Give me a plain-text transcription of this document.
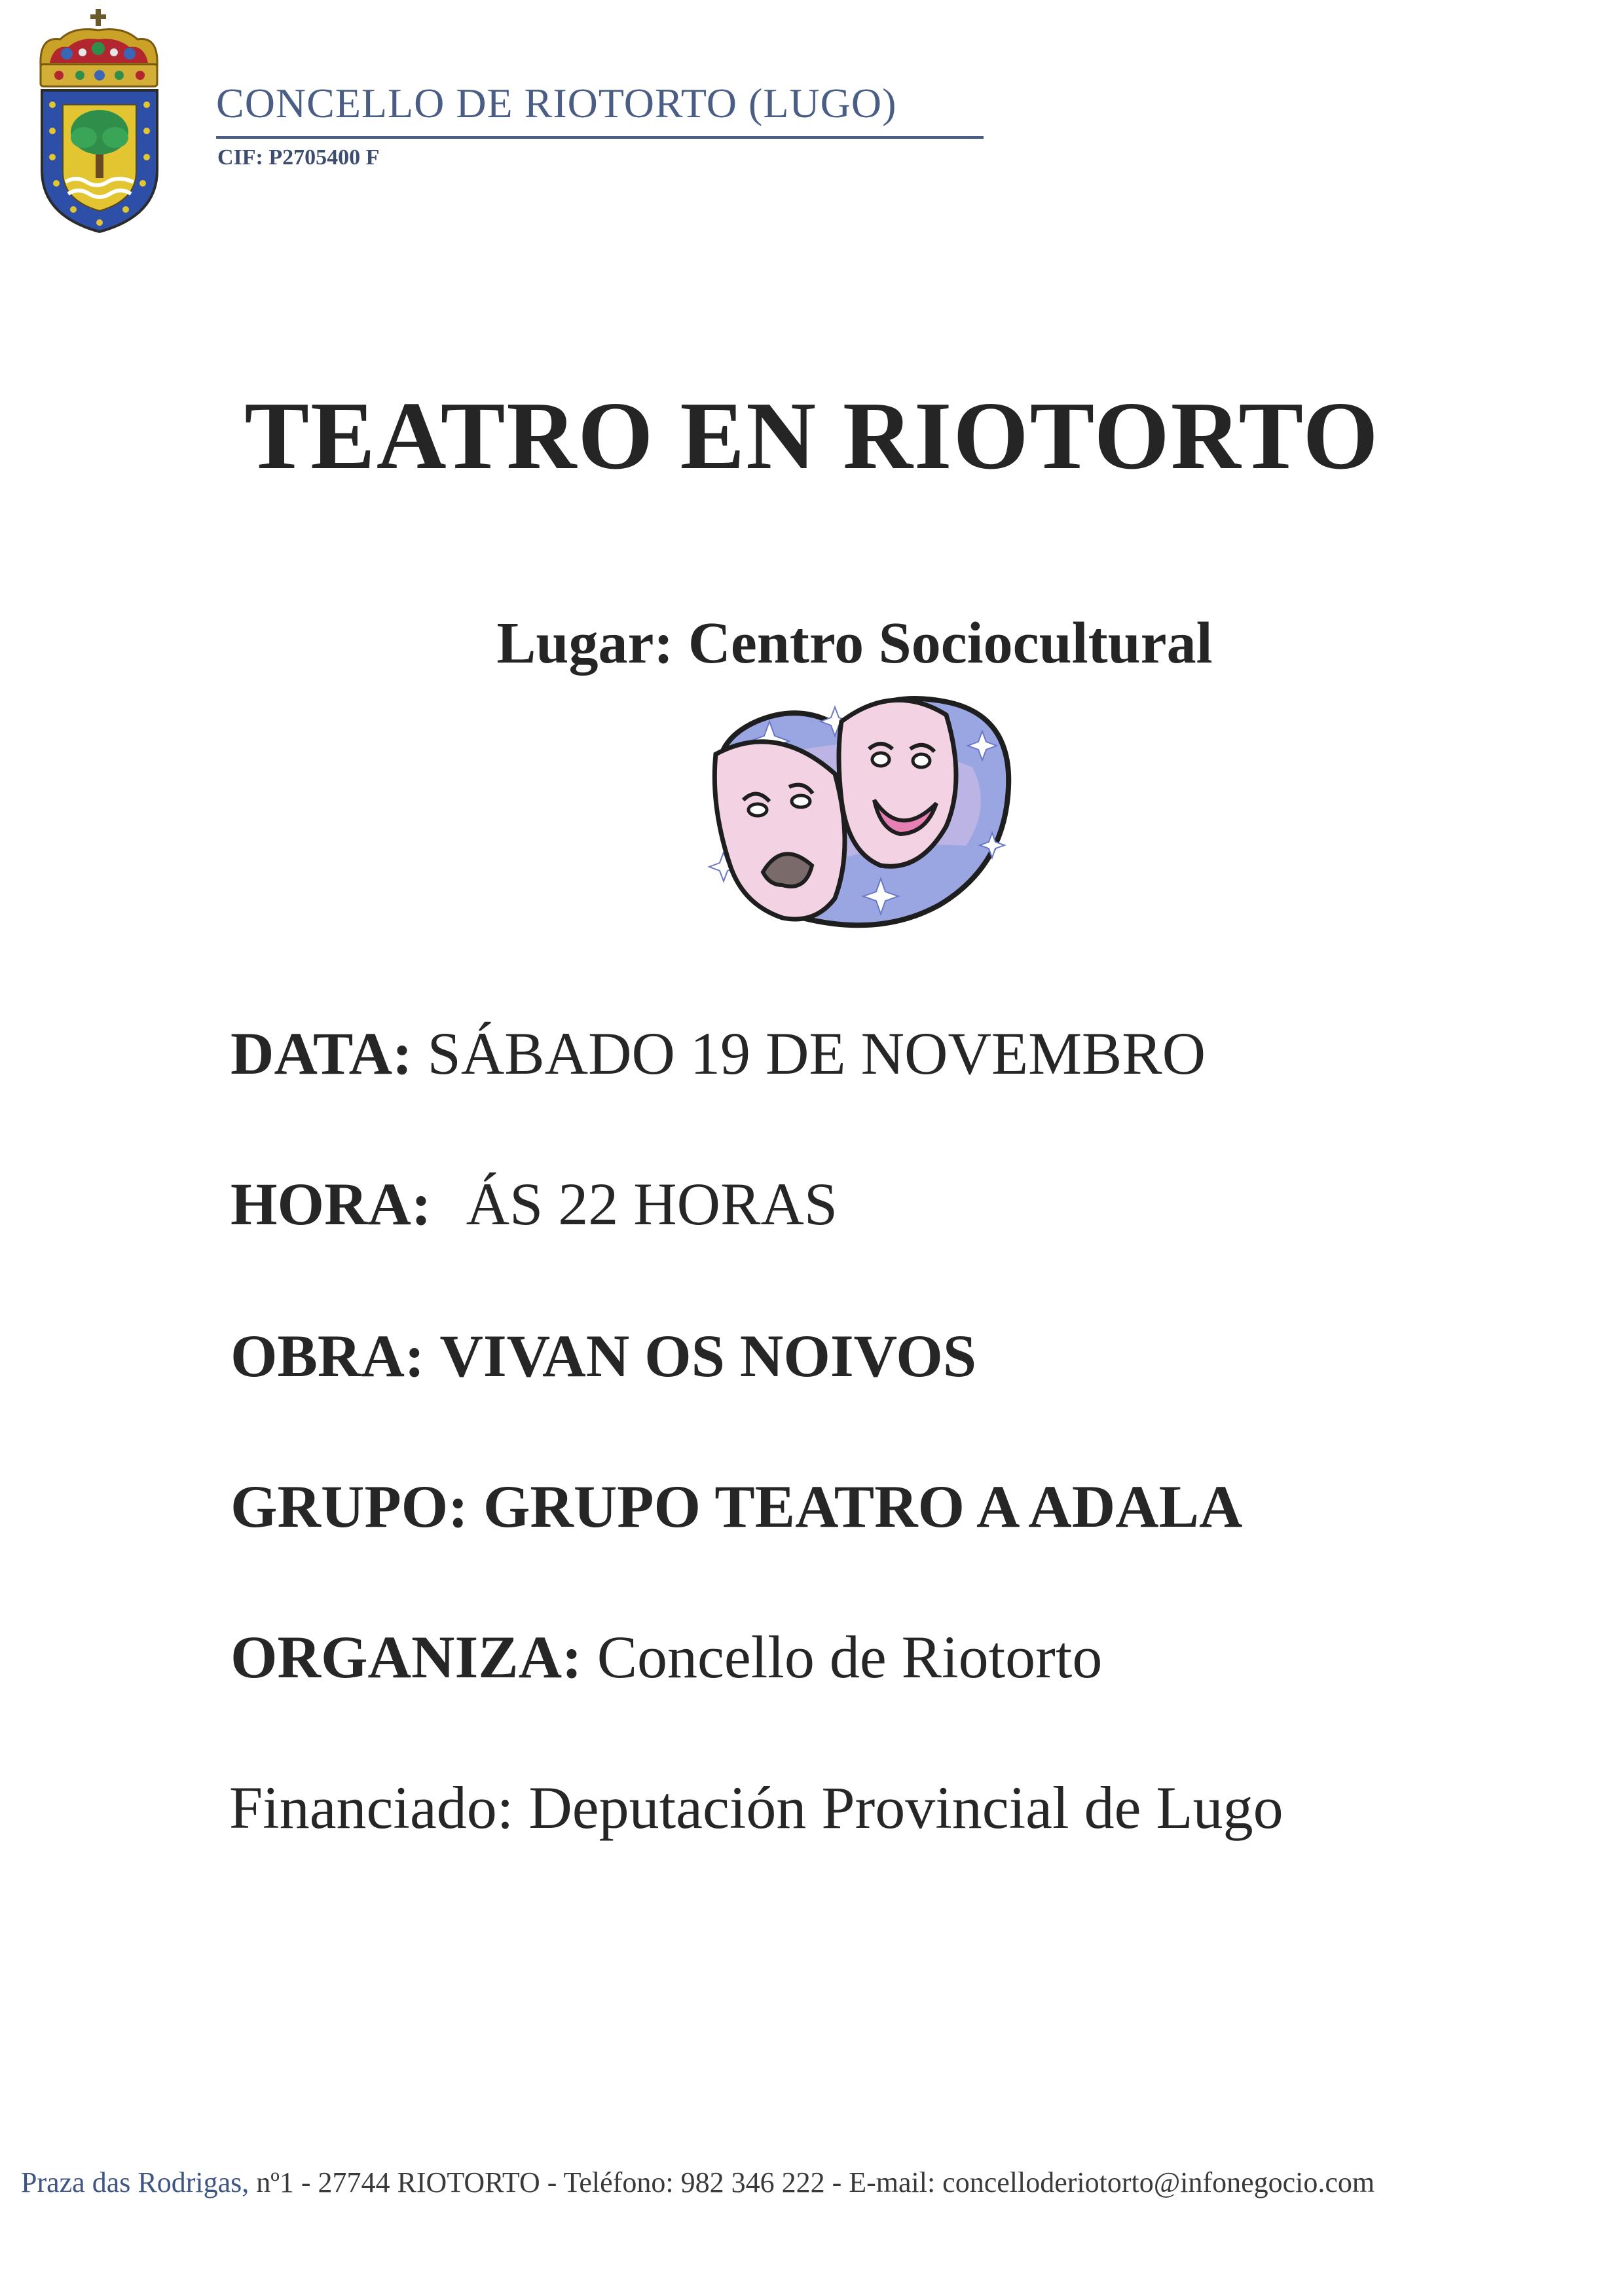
CONCELLO DE RIOTORTO (LUGO)
CIF: P2705400 F
TEATRO EN RIOTORTO
Lugar: Centro Sociocultural
DATA: SÁBADO 19 DE NOVEMBRO
HORA: ÁS 22 HORAS
OBRA: VIVAN OS NOIVOS
GRUPO: GRUPO TEATRO A ADALA
ORGANIZA: Concello de Riotorto
Financiado: Deputación Provincial de Lugo
Praza das Rodrigas, nº1 - 27744 RIOTORTO - Teléfono: 982 346 222 - E-mail: concelloderiotorto@infonegocio.com
